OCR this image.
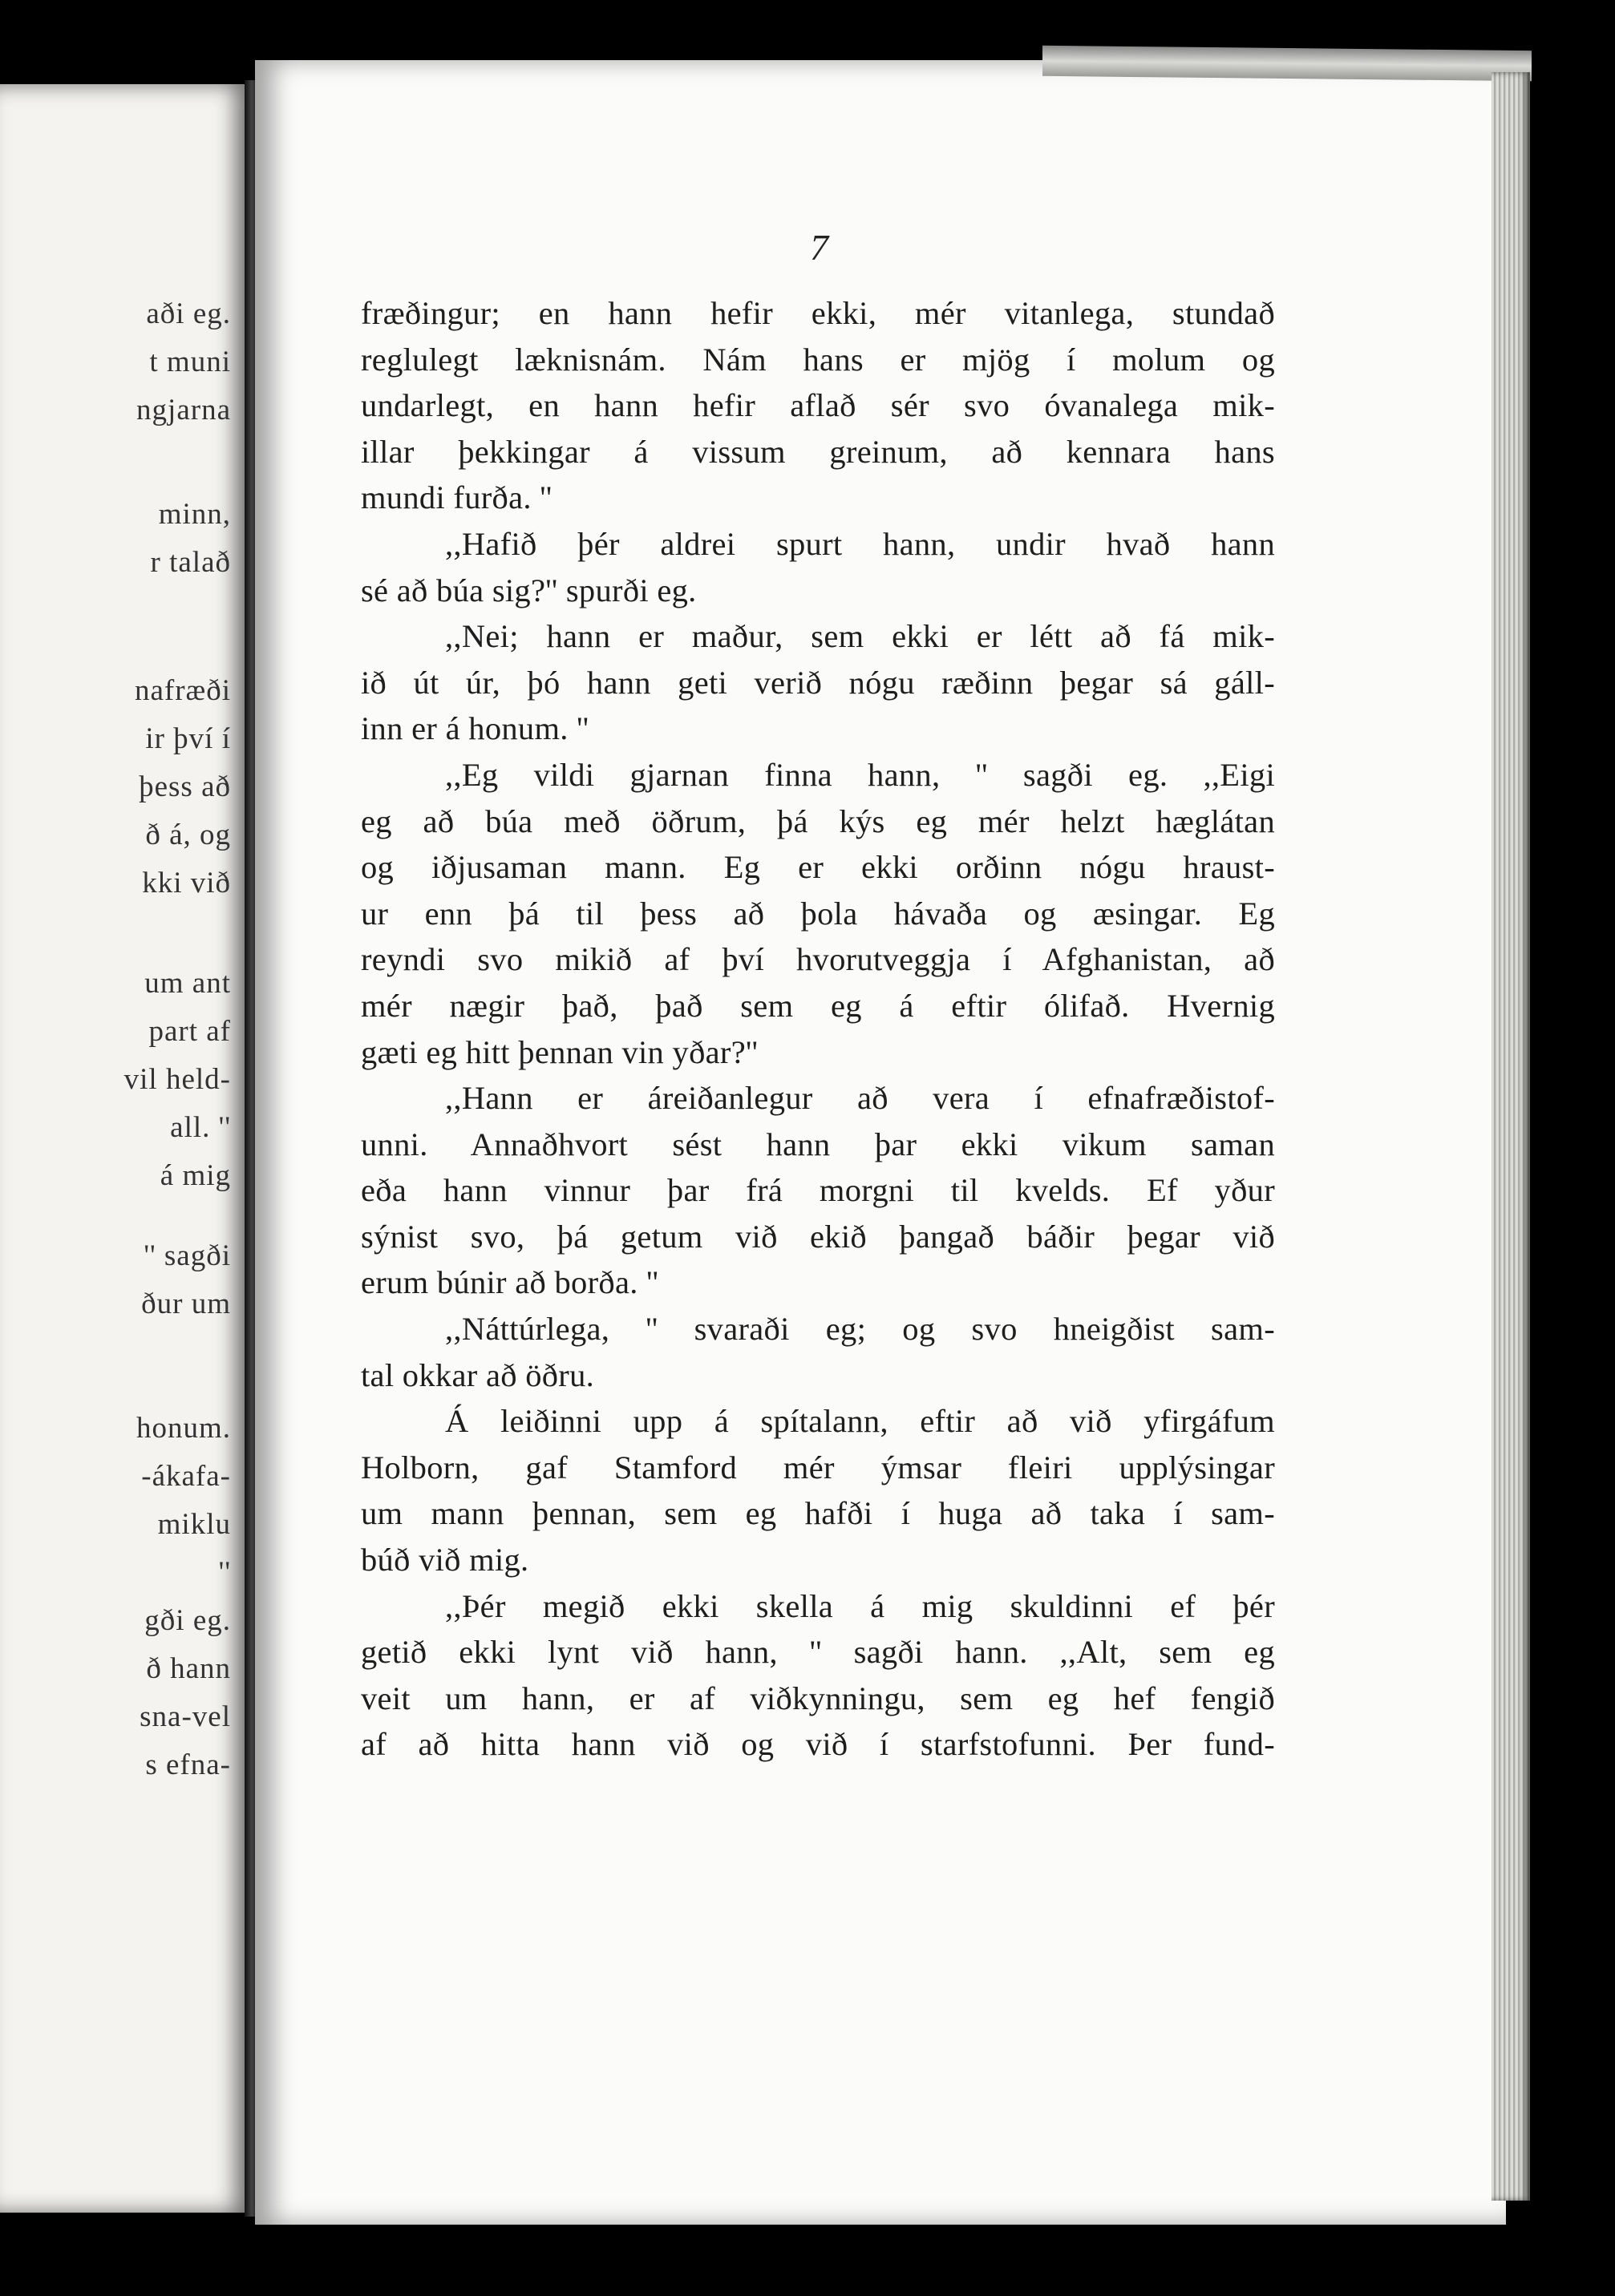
aði eg.
t muni
ngjarna
minn,
r talað
nafræði
ir því í
þess að
ð á, og
kki við
um ant
part af
vil held-
all. ''
á mig
'' sagði
ður um
honum.
-ákafa-
miklu
''
gði eg.
ð hann
sna-vel
s efna-
7
fræðingur; en hann hefir ekki, mér vitanlega, stundað
reglulegt læknisnám. Nám hans er mjög í molum og
undarlegt, en hann hefir aflað sér svo óvanalega mik-
illar þekkingar á vissum greinum, að kennara hans
mundi furða. ''
,,Hafið þér aldrei spurt hann, undir hvað hann
sé að búa sig?'' spurði eg.
,,Nei; hann er maður, sem ekki er létt að fá mik-
ið út úr, þó hann geti verið nógu ræðinn þegar sá gáll-
inn er á honum. ''
,,Eg vildi gjarnan finna hann, '' sagði eg. ,,Eigi
eg að búa með öðrum, þá kýs eg mér helzt hæglátan
og iðjusaman mann. Eg er ekki orðinn nógu hraust-
ur enn þá til þess að þola hávaða og æsingar. Eg
reyndi svo mikið af því hvorutveggja í Afghanistan, að
mér nægir það, það sem eg á eftir ólifað. Hvernig
gæti eg hitt þennan vin yðar?''
,,Hann er áreiðanlegur að vera í efnafræðistof-
unni. Annaðhvort sést hann þar ekki vikum saman
eða hann vinnur þar frá morgni til kvelds. Ef yður
sýnist svo, þá getum við ekið þangað báðir þegar við
erum búnir að borða. ''
,,Náttúrlega, '' svaraði eg; og svo hneigðist sam-
tal okkar að öðru.
Á leiðinni upp á spítalann, eftir að við yfirgáfum
Holborn, gaf Stamford mér ýmsar fleiri upplýsingar
um mann þennan, sem eg hafði í huga að taka í sam-
búð við mig.
,,Þér megið ekki skella á mig skuldinni ef þér
getið ekki lynt við hann, '' sagði hann. ,,Alt, sem eg
veit um hann, er af viðkynningu, sem eg hef fengið
af að hitta hann við og við í starfstofunni. Þer fund-
